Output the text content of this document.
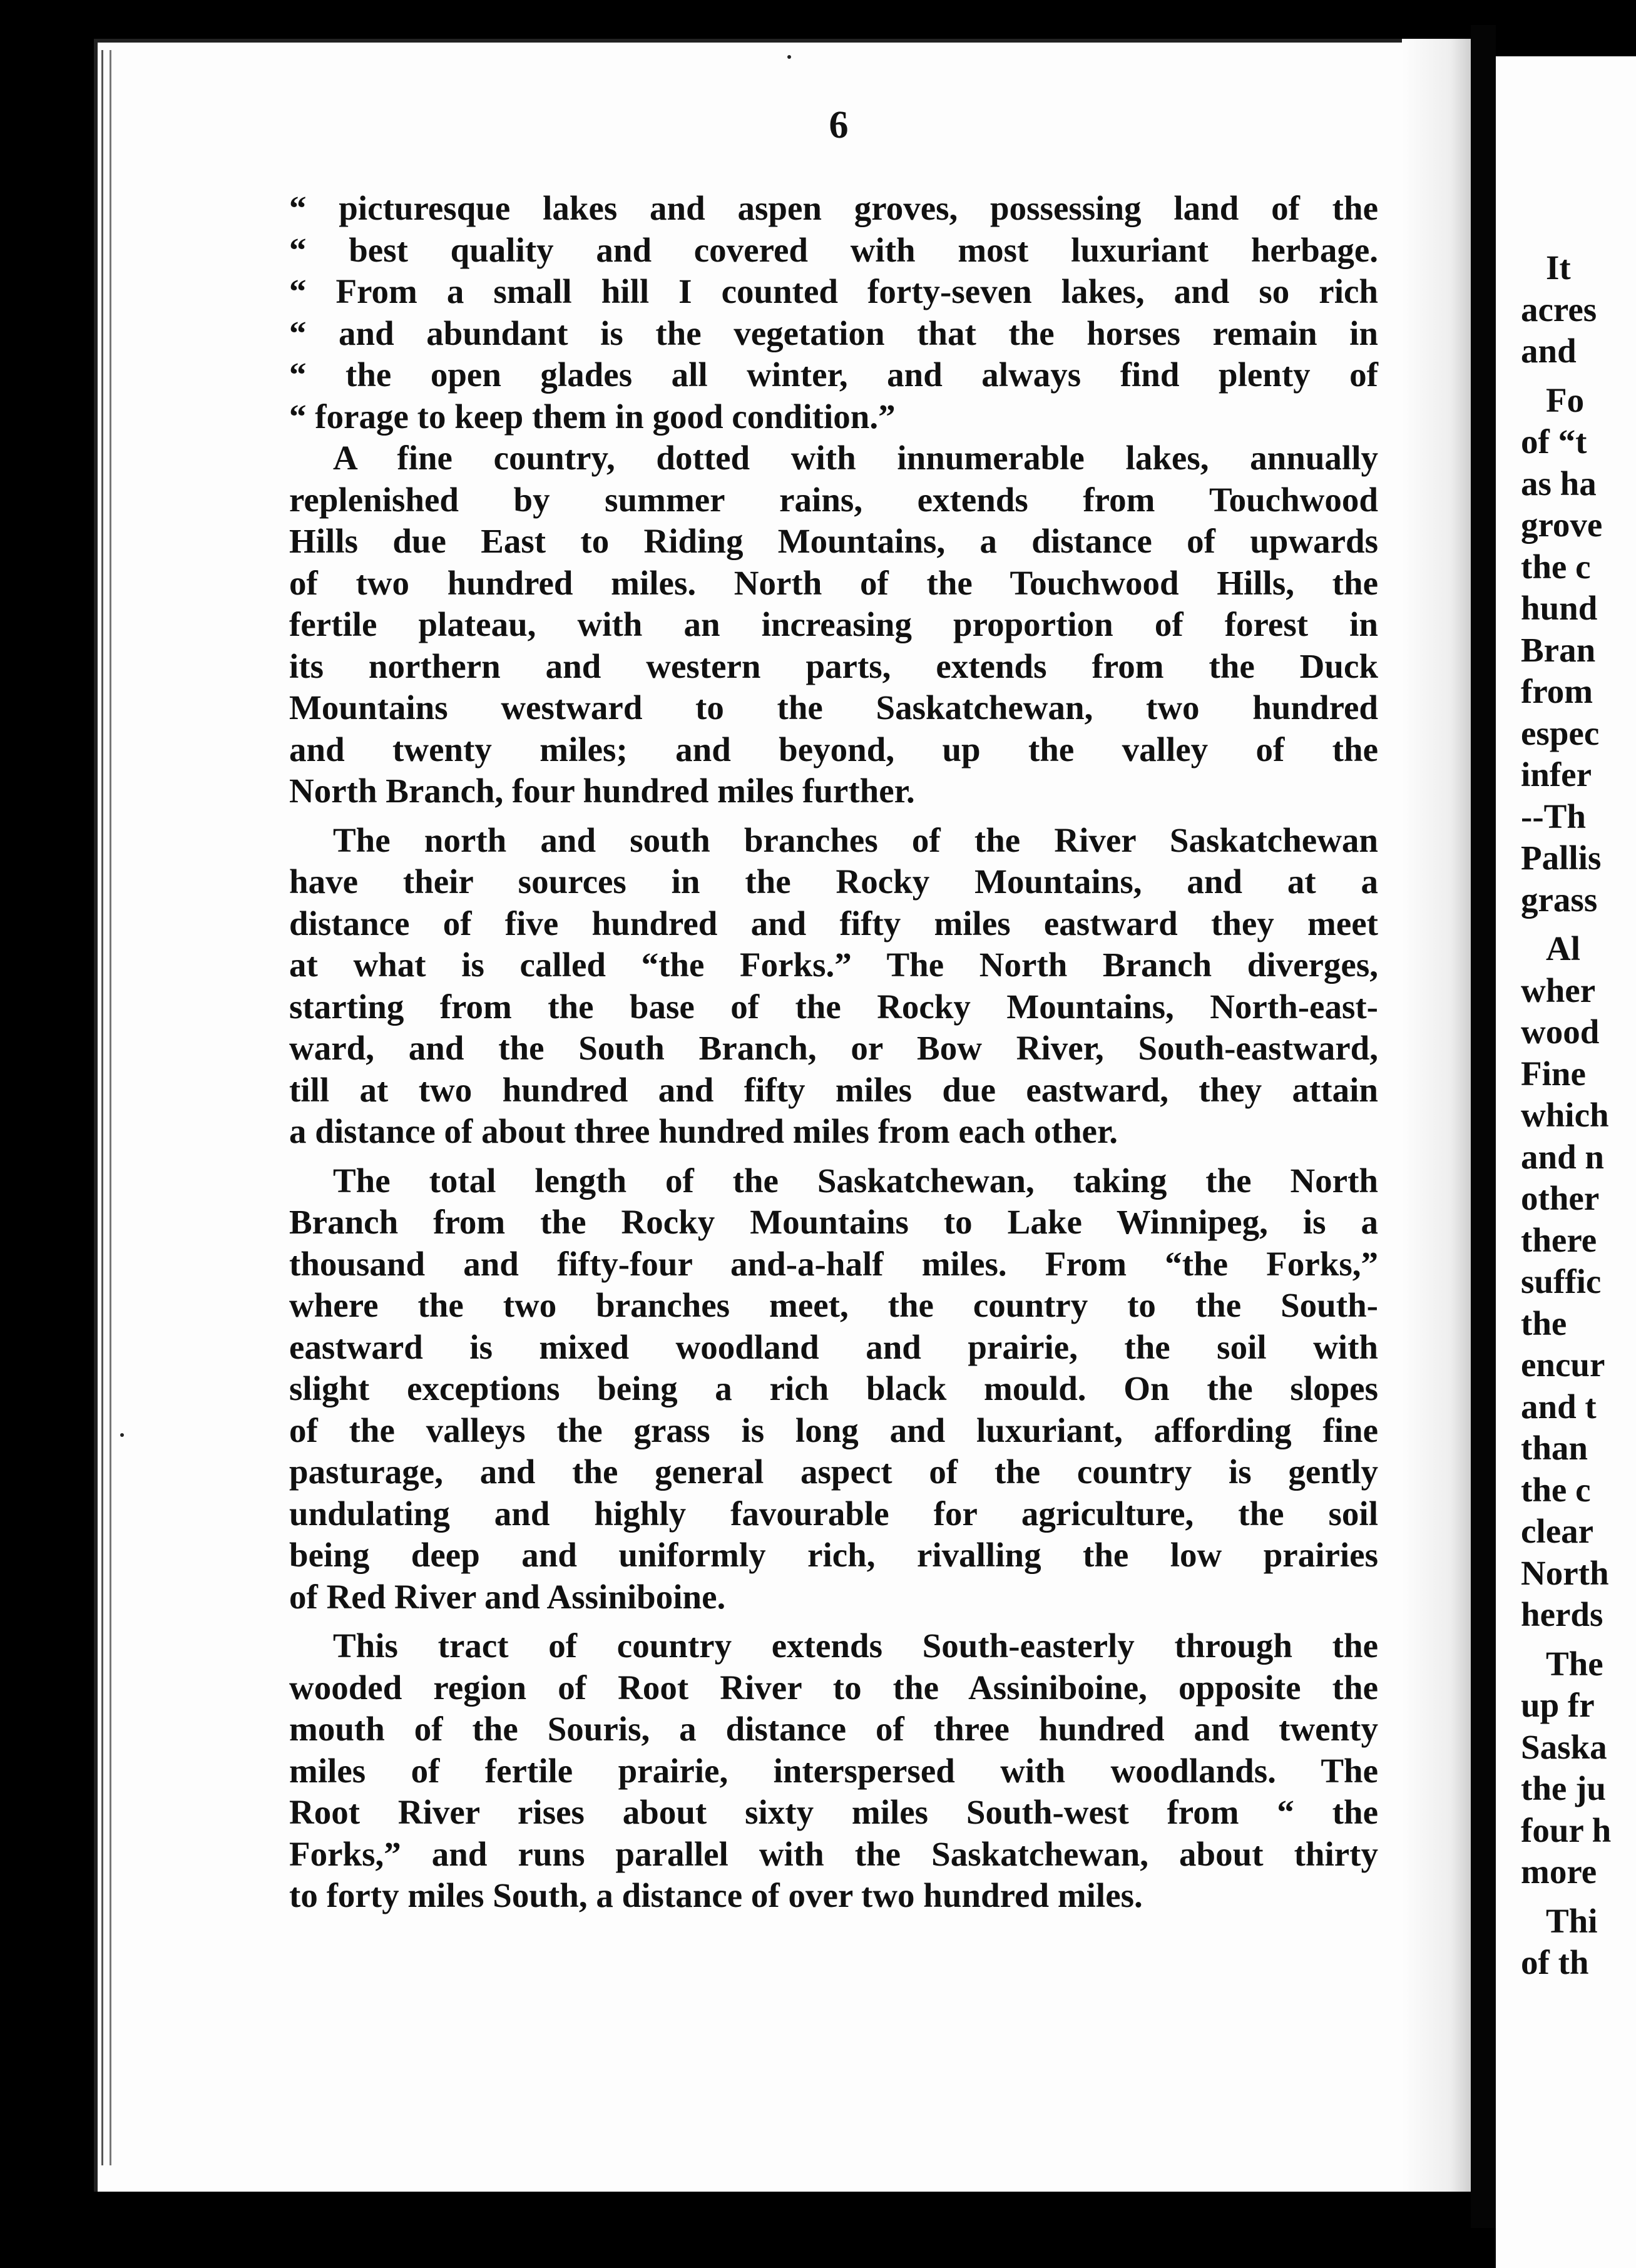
6
“ picturesque lakes and aspen groves, possessing land of the
“ best quality and covered with most luxuriant herbage.
“ From a small hill I counted forty-seven lakes, and so rich
“ and abundant is the vegetation that the horses remain in
“ the open glades all winter, and always find plenty of
“ forage to keep them in good condition.”
A fine country, dotted with innumerable lakes, annually
replenished by summer rains, extends from Touchwood
Hills due East to Riding Mountains, a distance of upwards
of two hundred miles. North of the Touchwood Hills, the
fertile plateau, with an increasing proportion of forest in
its northern and western parts, extends from the Duck
Mountains westward to the Saskatchewan, two hundred
and twenty miles; and beyond, up the valley of the
North Branch, four hundred miles further.
The north and south branches of the River Saskatchewan
have their sources in the Rocky Mountains, and at a
distance of five hundred and fifty miles eastward they meet
at what is called “the Forks.” The North Branch diverges,
starting from the base of the Rocky Mountains, North-east-
ward, and the South Branch, or Bow River, South-eastward,
till at two hundred and fifty miles due eastward, they attain
a distance of about three hundred miles from each other.
The total length of the Saskatchewan, taking the North
Branch from the Rocky Mountains to Lake Winnipeg, is a
thousand and fifty-four and-a-half miles. From “the Forks,”
where the two branches meet, the country to the South-
eastward is mixed woodland and prairie, the soil with
slight exceptions being a rich black mould. On the slopes
of the valleys the grass is long and luxuriant, affording fine
pasturage, and the general aspect of the country is gently
undulating and highly favourable for agriculture, the soil
being deep and uniformly rich, rivalling the low prairies
of Red River and Assiniboine.
This tract of country extends South-easterly through the
wooded region of Root River to the Assiniboine, opposite the
mouth of the Souris, a distance of three hundred and twenty
miles of fertile prairie, interspersed with woodlands. The
Root River rises about sixty miles South-west from “ the
Forks,” and runs parallel with the Saskatchewan, about thirty
to forty miles South, a distance of over two hundred miles.
It
acres
and
Fo
of “t
as ha
grove
the c
hund
Bran
from
espec
infer
--Th
Pallis
grass
Al
wher
wood
Fine
which
and n
other
there
suffic
the
encur
and t
than
the c
clear
North
herds
The
up fr
Saska
the ju
four h
more
Thi
of th
